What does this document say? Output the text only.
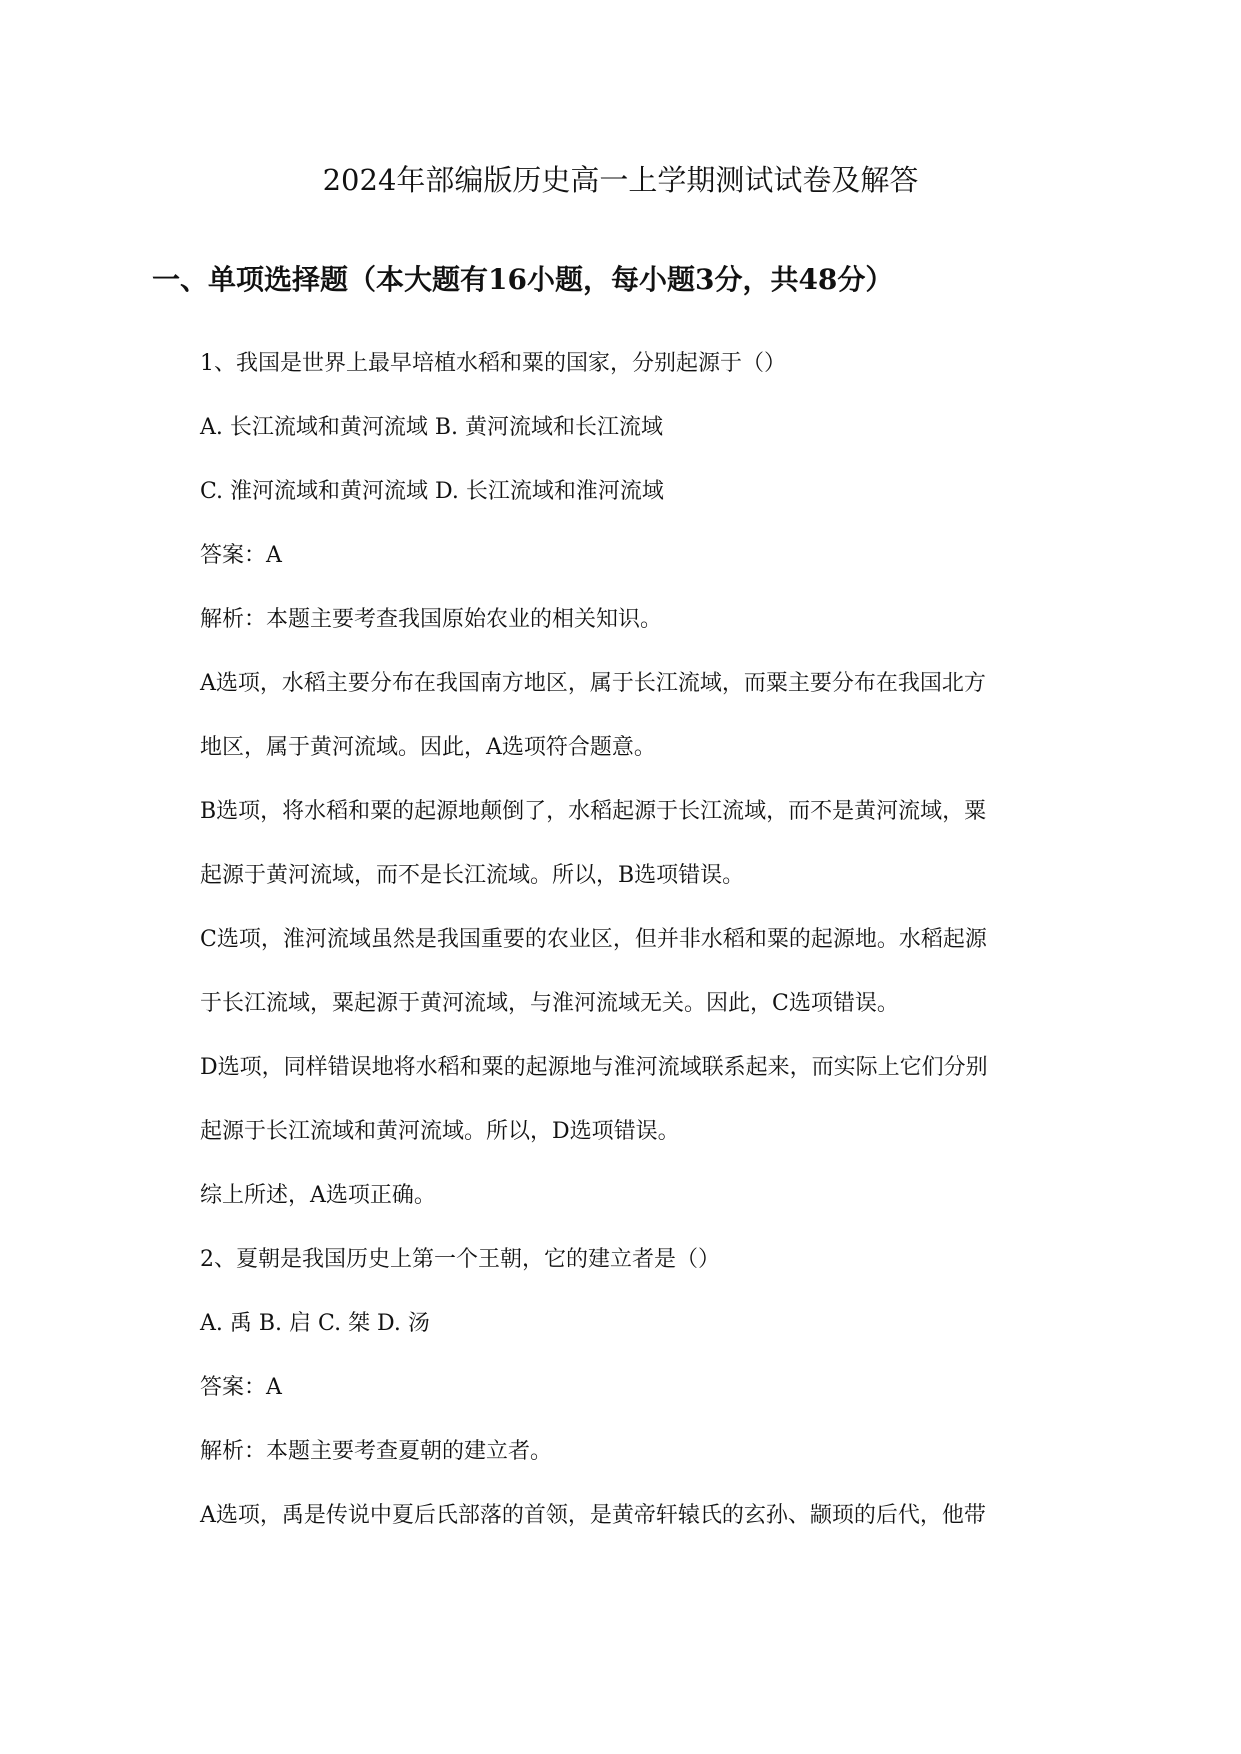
2024年部编版历史高一上学期测试试卷及解答
一、单项选择题（本大题有16小题，每小题3分，共48分）
1、我国是世界上最早培植水稻和粟的国家，分别起源于（）
A. 长江流域和黄河流域 B. 黄河流域和长江流域
C. 淮河流域和黄河流域 D. 长江流域和淮河流域
答案：A
解析：本题主要考查我国原始农业的相关知识。
A选项，水稻主要分布在我国南方地区，属于长江流域，而粟主要分布在我国北方
地区，属于黄河流域。因此，A选项符合题意。
B选项，将水稻和粟的起源地颠倒了，水稻起源于长江流域，而不是黄河流域，粟
起源于黄河流域，而不是长江流域。所以，B选项错误。
C选项，淮河流域虽然是我国重要的农业区，但并非水稻和粟的起源地。水稻起源
于长江流域，粟起源于黄河流域，与淮河流域无关。因此，C选项错误。
D选项，同样错误地将水稻和粟的起源地与淮河流域联系起来，而实际上它们分别
起源于长江流域和黄河流域。所以，D选项错误。
综上所述，A选项正确。
2、夏朝是我国历史上第一个王朝，它的建立者是（）
A. 禹 B. 启 C. 桀 D. 汤
答案：A
解析：本题主要考查夏朝的建立者。
A选项，禹是传说中夏后氏部落的首领，是黄帝轩辕氏的玄孙、颛顼的后代，他带
